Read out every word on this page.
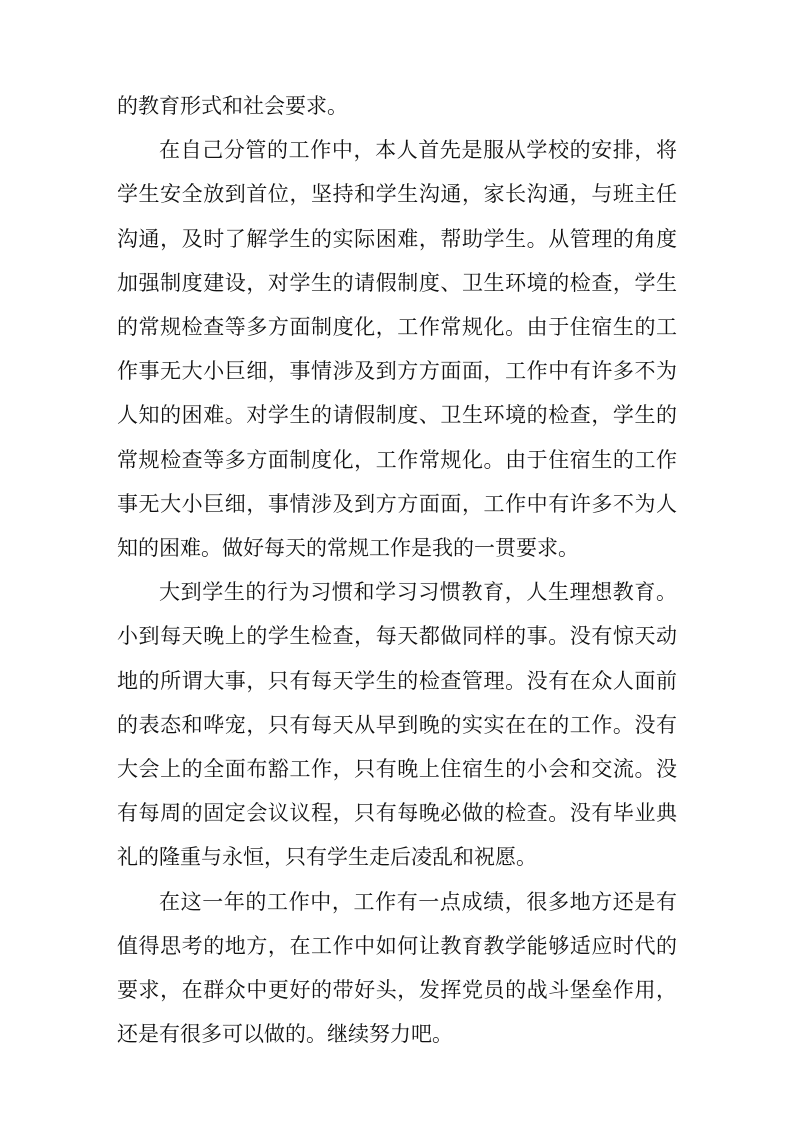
的教育形式和社会要求。

在自己分管的工作中，本人首先是服从学校的安排，将学生安全放到首位，坚持和学生沟通，家长沟通，与班主任沟通，及时了解学生的实际困难，帮助学生。从管理的角度加强制度建设，对学生的请假制度、卫生环境的检查，学生的常规检查等多方面制度化，工作常规化。由于住宿生的工作事无大小巨细，事情涉及到方方面面，工作中有许多不为人知的困难。对学生的请假制度、卫生环境的检查，学生的常规检查等多方面制度化，工作常规化。由于住宿生的工作事无大小巨细，事情涉及到方方面面，工作中有许多不为人知的困难。做好每天的常规工作是我的一贯要求。

大到学生的行为习惯和学习习惯教育，人生理想教育。小到每天晚上的学生检查，每天都做同样的事。没有惊天动地的所谓大事，只有每天学生的检查管理。没有在众人面前的表态和哗宠，只有每天从早到晚的实实在在的工作。没有大会上的全面布豁工作，只有晚上住宿生的小会和交流。没有每周的固定会议议程，只有每晚必做的检查。没有毕业典礼的隆重与永恒，只有学生走后凌乱和祝愿。

在这一年的工作中，工作有一点成绩，很多地方还是有值得思考的地方，在工作中如何让教育教学能够适应时代的要求，在群众中更好的带好头，发挥党员的战斗堡垒作用，还是有很多可以做的。继续努力吧。
